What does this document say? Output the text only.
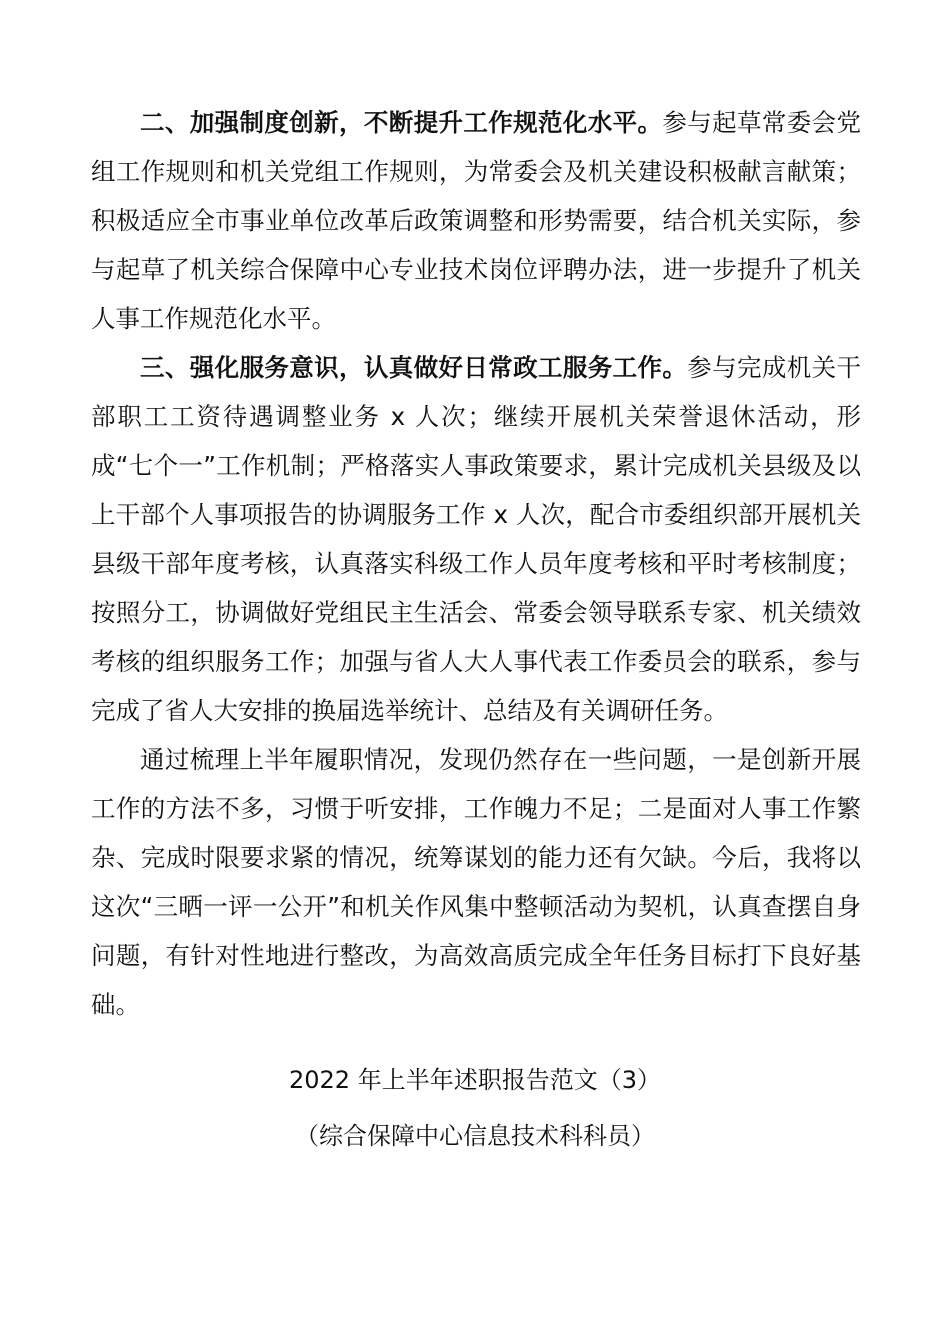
二、加强制度创新，不断提升工作规范化水平。参与起草常委会党组工作规则和机关党组工作规则，为常委会及机关建设积极献言献策；积极适应全市事业单位改革后政策调整和形势需要，结合机关实际，参与起草了机关综合保障中心专业技术岗位评聘办法，进一步提升了机关人事工作规范化水平。

三、强化服务意识，认真做好日常政工服务工作。参与完成机关干部职工工资待遇调整业务 x 人次；继续开展机关荣誉退休活动，形成“七个一”工作机制；严格落实人事政策要求，累计完成机关县级及以上干部个人事项报告的协调服务工作 x 人次，配合市委组织部开展机关县级干部年度考核，认真落实科级工作人员年度考核和平时考核制度；按照分工，协调做好党组民主生活会、常委会领导联系专家、机关绩效考核的组织服务工作；加强与省人大人事代表工作委员会的联系，参与完成了省人大安排的换届选举统计、总结及有关调研任务。

通过梳理上半年履职情况，发现仍然存在一些问题，一是创新开展工作的方法不多，习惯于听安排，工作魄力不足；二是面对人事工作繁杂、完成时限要求紧的情况，统筹谋划的能力还有欠缺。今后，我将以这次“三晒一评一公开”和机关作风集中整顿活动为契机，认真查摆自身问题，有针对性地进行整改，为高效高质完成全年任务目标打下良好基础。

2022 年上半年述职报告范文（3）
（综合保障中心信息技术科科员）
